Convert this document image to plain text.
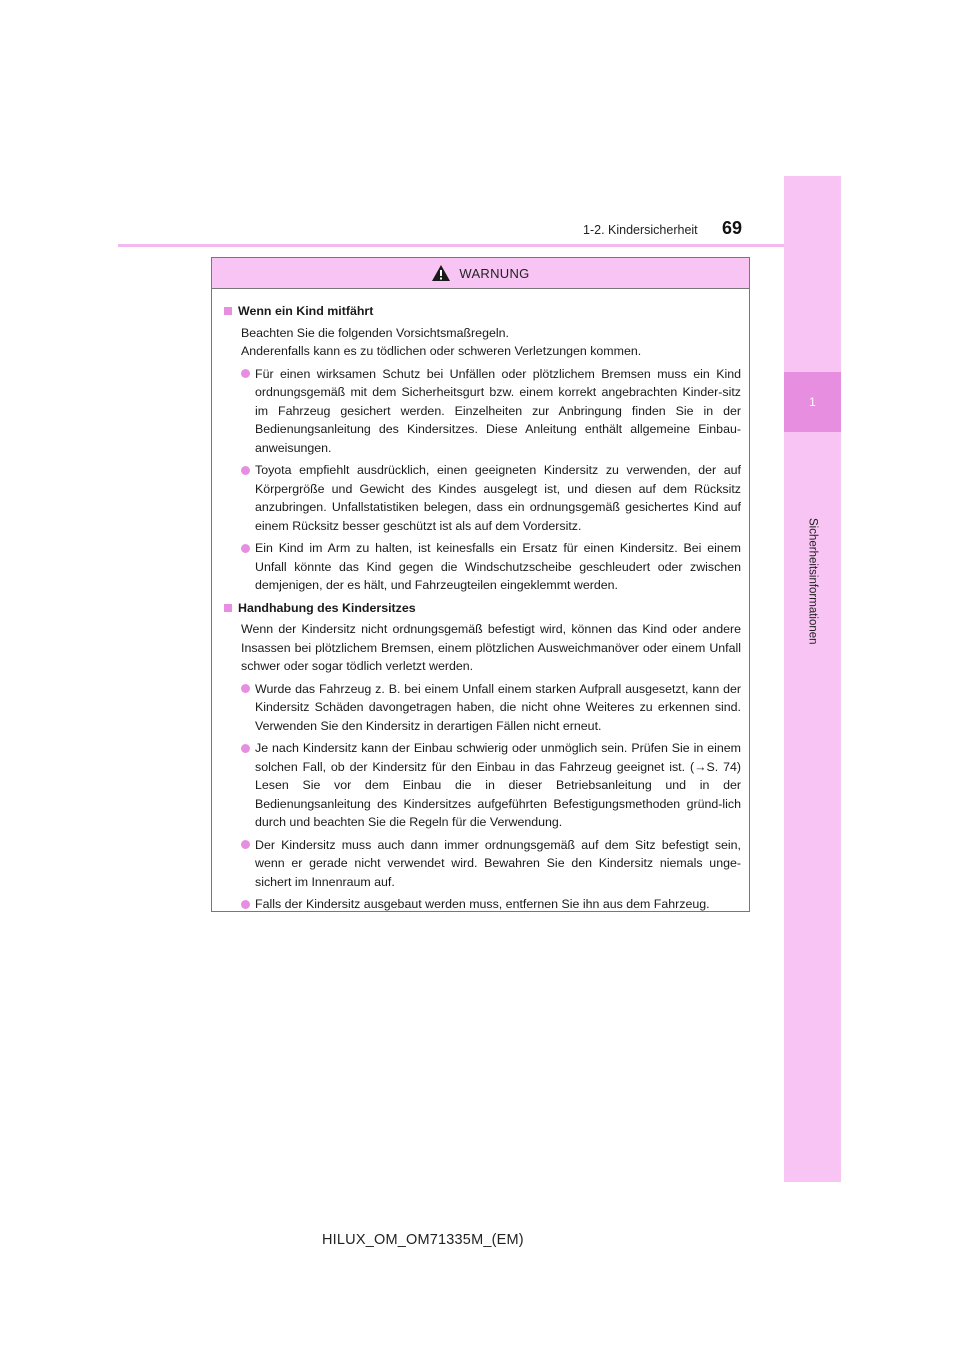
1
Sicherheitsinformationen
1-2. Kindersicherheit 69
WARNUNG
Wenn ein Kind mitfährt

Beachten Sie die folgenden Vorsichtsmaßregeln.

Anderenfalls kann es zu tödlichen oder schweren Verletzungen kommen.

Für einen wirksamen Schutz bei Unfällen oder plötzlichem Bremsen muss ein Kind ordnungsgemäß mit dem Sicherheitsgurt bzw. einem korrekt angebrachten Kinder-sitz im Fahrzeug gesichert werden. Einzelheiten zur Anbringung finden Sie in der Bedienungsanleitung des Kindersitzes. Diese Anleitung enthält allgemeine Einbau-anweisungen.
Toyota empfiehlt ausdrücklich, einen geeigneten Kindersitz zu verwenden, der auf Körpergröße und Gewicht des Kindes ausgelegt ist, und diesen auf dem Rücksitz anzubringen. Unfallstatistiken belegen, dass ein ordnungsgemäß gesichertes Kind auf einem Rücksitz besser geschützt ist als auf dem Vordersitz.
Ein Kind im Arm zu halten, ist keinesfalls ein Ersatz für einen Kindersitz. Bei einem Unfall könnte das Kind gegen die Windschutzscheibe geschleudert oder zwischen demjenigen, der es hält, und Fahrzeugteilen eingeklemmt werden.
Handhabung des Kindersitzes

Wenn der Kindersitz nicht ordnungsgemäß befestigt wird, können das Kind oder andere Insassen bei plötzlichem Bremsen, einem plötzlichen Ausweichmanöver oder einem Unfall schwer oder sogar tödlich verletzt werden.

Wurde das Fahrzeug z. B. bei einem Unfall einem starken Aufprall ausgesetzt, kann der Kindersitz Schäden davongetragen haben, die nicht ohne Weiteres zu erkennen sind. Verwenden Sie den Kindersitz in derartigen Fällen nicht erneut.
Je nach Kindersitz kann der Einbau schwierig oder unmöglich sein. Prüfen Sie in einem solchen Fall, ob der Kindersitz für den Einbau in das Fahrzeug geeignet ist. (→S. 74) Lesen Sie vor dem Einbau die in dieser Betriebsanleitung und in der Bedienungsanleitung des Kindersitzes aufgeführten Befestigungsmethoden gründ-lich durch und beachten Sie die Regeln für die Verwendung.
Der Kindersitz muss auch dann immer ordnungsgemäß auf dem Sitz befestigt sein, wenn er gerade nicht verwendet wird. Bewahren Sie den Kindersitz niemals unge-sichert im Innenraum auf.
Falls der Kindersitz ausgebaut werden muss, entfernen Sie ihn aus dem Fahrzeug.
HILUX_OM_OM71335M_(EM)
